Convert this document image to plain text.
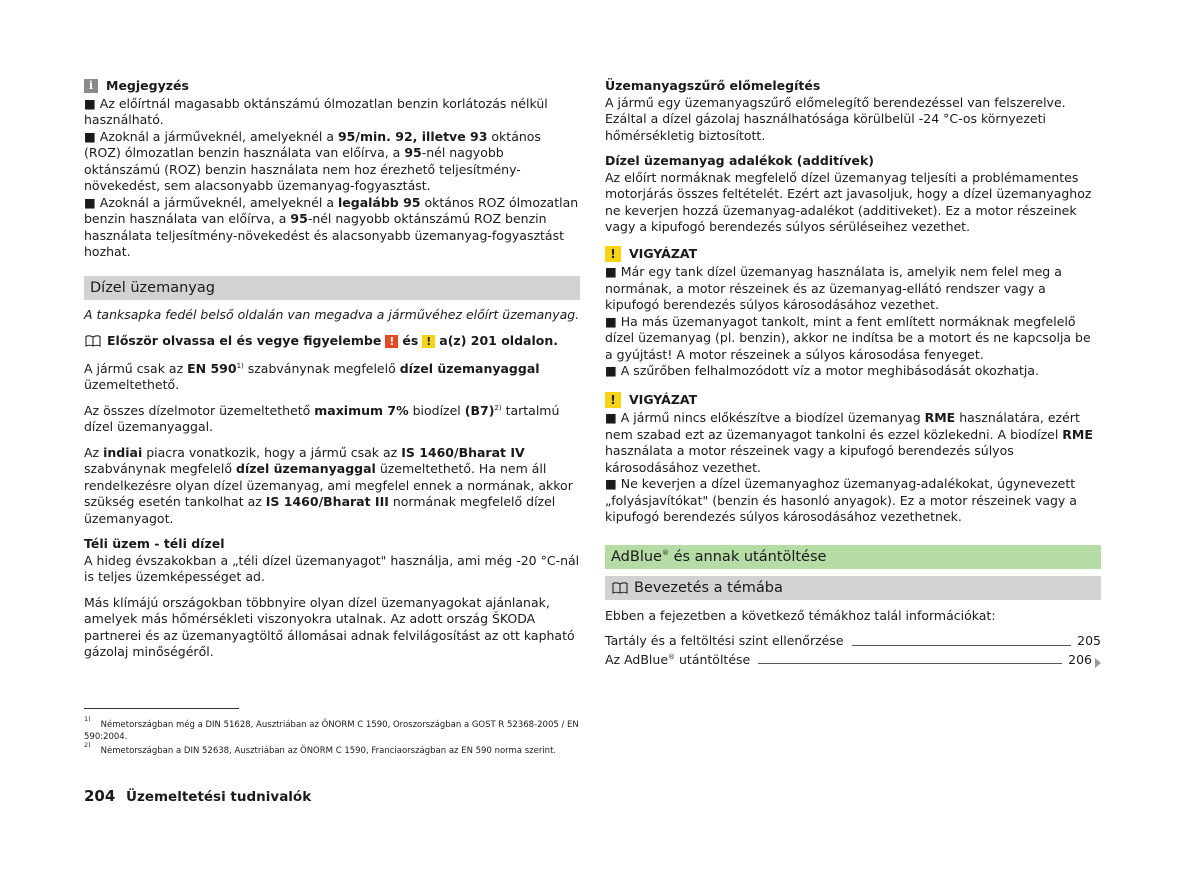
i	Megjegyzés

■ Az előírtnál magasabb oktánszámú ólmozatlan benzin korlátozás nélkül használható.

■ Azoknál a járműveknél, amelyeknél a 95/min. 92, illetve 93 oktános (ROZ) ólmozatlan benzin használata van előírva, a 95-nél nagyobb oktánszámú (ROZ) benzin használata nem hoz érezhető teljesítmény-növekedést, sem alacsonyabb üzemanyag-fogyasztást.

■ Azoknál a járműveknél, amelyeknél a legalább 95 oktános ROZ ólmozatlan benzin használata van előírva, a 95-nél nagyobb oktánszámú ROZ benzin használata teljesítmény-növekedést és alacsonyabb üzemanyag-fogyasztást hozhat.

Dízel üzemanyag

A tanksapka fedél belső oldalán van megadva a járművéhez előírt üzemanyag.

Először olvassa el és vegye figyelembe ! és ! a(z) 201 oldalon.

A jármű csak az EN 590$^{1)}$ szabványnak megfelelő dízel üzemanyaggal üzemeltethető.

Az összes dízelmotor üzemeltethető maximum 7% biodízel $(B7)^{2)}$ tartalmú dízel üzemanyaggal.

Az indiai piacra vonatkozik, hogy a jármű csak az IS 1460/Bharat IV szabványnak megfelelő dízel üzemanyaggal üzemeltethető. Ha nem áll rendelkezésre olyan dízel üzemanyag, ami megfelel ennek a normának, akkor szükség esetén tankolhat az IS 1460/Bharat III normának megfelelő dízel üzemanyagot.

Téli üzem - téli dízel

A hideg évszakokban a „téli dízel üzemanyagot" használja, ami még -20 °C-nál is teljes üzemképességet ad.

Más klímájú országokban többnyire olyan dízel üzemanyagokat ajánlanak, amelyek más hőmérsékleti viszonyokra utalnak. Az adott ország ŠKODA partnerei és az üzemanyagtöltő állomásai adnak felvilágosítást az ott kapható gázolaj minőségéről.

Üzemanyagszűrő előmelegítés

A jármű egy üzemanyagszűrő előmelegítő berendezéssel van felszerelve. Ezáltal a dízel gázolaj használhatósága körülbelül -24 °C-os környezeti hőmérsékletig biztosított.

Dízel üzemanyag adalékok (additívek)

Az előírt normáknak megfelelő dízel üzemanyag teljesíti a problémamentes motorjárás összes feltételét. Ezért azt javasoljuk, hogy a dízel üzemanyaghoz ne keverjen hozzá üzemanyag-adalékot (additiveket). Ez a motor részeinek vagy a kipufogó berendezés súlyos sérüléseihez vezethet.

!	VIGYÁZAT

■ Már egy tank dízel üzemanyag használata is, amelyik nem felel meg a normának, a motor részeinek és az üzemanyag-ellátó rendszer vagy a kipufogó berendezés súlyos károsodásához vezethet.

■ Ha más üzemanyagot tankolt, mint a fent említett normáknak megfelelő dízel üzemanyag (pl. benzin), akkor ne indítsa be a motort és ne kapcsolja be a gyújtást! A motor részeinek a súlyos károsodása fenyeget.

■ A szűrőben felhalmozódott víz a motor meghibásodását okozhatja.

!	VIGYÁZAT

■ A jármű nincs előkészítve a biodízel üzemanyag RME használatára, ezért nem szabad ezt az üzemanyagot tankolni és ezzel közlekedni. A biodízel RME használata a motor részeinek vagy a kipufogó berendezés súlyos károsodásához vezethet.

■ Ne keverjen a dízel üzemanyaghoz üzemanyag-adalékokat, úgynevezett „folyásjavítókat" (benzin és hasonló anyagok). Ez a motor részeinek vagy a kipufogó berendezés súlyos károsodásához vezethetnek.

AdBlue® és annak utántöltése
Bevezetés a témába

Ebben a fejezetben a következő témákhoz talál információkat:

Tartály és a feltöltési szint ellenőrzése	205
Az AdBlue® utántöltése	206
$^{1)}$Németországban még a DIN 51628, Ausztriában az ÖNORM C 1590, Oroszországban a GOST R 52368-2005 / EN 590:2004.
$^{2)}$Németországban a DIN 52638, Ausztriában az ÖNORM C 1590, Franciaországban az EN 590 norma szerint.
204 Üzemeltetési tudnivalók
